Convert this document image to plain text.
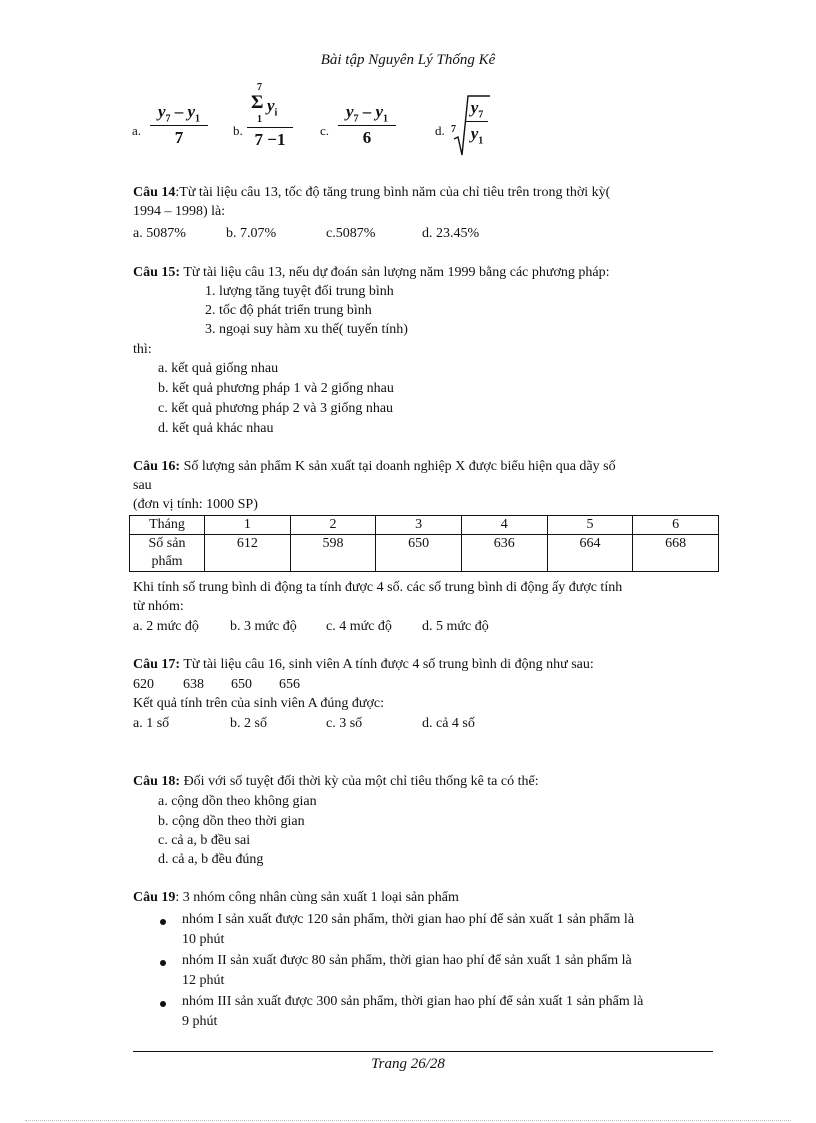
Bài tập Nguyên Lý Thống Kê
a. $\frac{y_7 - y_1}{7} b$. 7
Σ $y_i$
1
7 −1 c. $\frac{y_7 - y_1}{6}$	d. $7 \frac{y_7}{y_1}$
Câu 14:Từ tài liệu câu 13, tốc độ tăng trung bình năm của chỉ tiêu trên trong thời kỳ(
1994 – 1998) là:
a. 5087%	b. 7.07%	c.5087%	d. 23.45%
Câu 15: Từ tài liệu câu 13, nếu dự đoán sản lượng năm 1999 bằng các phương pháp:
1. lượng tăng tuyệt đối trung bình
2. tốc độ phát triển trung bình
3. ngoại suy hàm xu thế( tuyến tính)
thì:
a. kết quả giống nhau
b. kết quả phương pháp 1 và 2 giống nhau
c. kết quả phương pháp 2 và 3 giống nhau
d. kết quả khác nhau
Câu 16: Số lượng sản phẩm K sản xuất tại doanh nghiệp X được biểu hiện qua dãy số
sau
(đơn vị tính: 1000 SP)
Tháng	1	2	3	4	5	6
Số sản
phẩm	612	598	650	636	664	668
Khi tính số trung bình di động ta tính được 4 số. các số trung bình di động ấy được tính
từ nhóm:
a. 2 mức độ b. 3 mức độ c. 4 mức độ d. 5 mức độ
Câu 17: Từ tài liệu câu 16, sinh viên A tính được 4 số trung bình di động như sau:
620 638 650 656
Kết quả tính trên của sinh viên A đúng được:
a. 1 số	b. 2 số	c. 3 số	d. cả 4 số
Câu 18: Đối với số tuyệt đối thời kỳ của một chỉ tiêu thống kê ta có thể:
a. cộng dồn theo không gian
b. cộng dồn theo thời gian
c. cả a, b đều sai
d. cả a, b đều đúng
Câu 19: 3 nhóm công nhân cùng sản xuất 1 loại sản phẩm
nhóm I sản xuất được 120 sản phẩm, thời gian hao phí để sản xuất 1 sản phẩm là
10 phút
nhóm II sản xuất được 80 sản phẩm, thời gian hao phí để sản xuất 1 sản phẩm là
12 phút
nhóm III sản xuất được 300 sản phẩm, thời gian hao phí để sản xuất 1 sản phẩm là
9 phút
Trang 26/28
